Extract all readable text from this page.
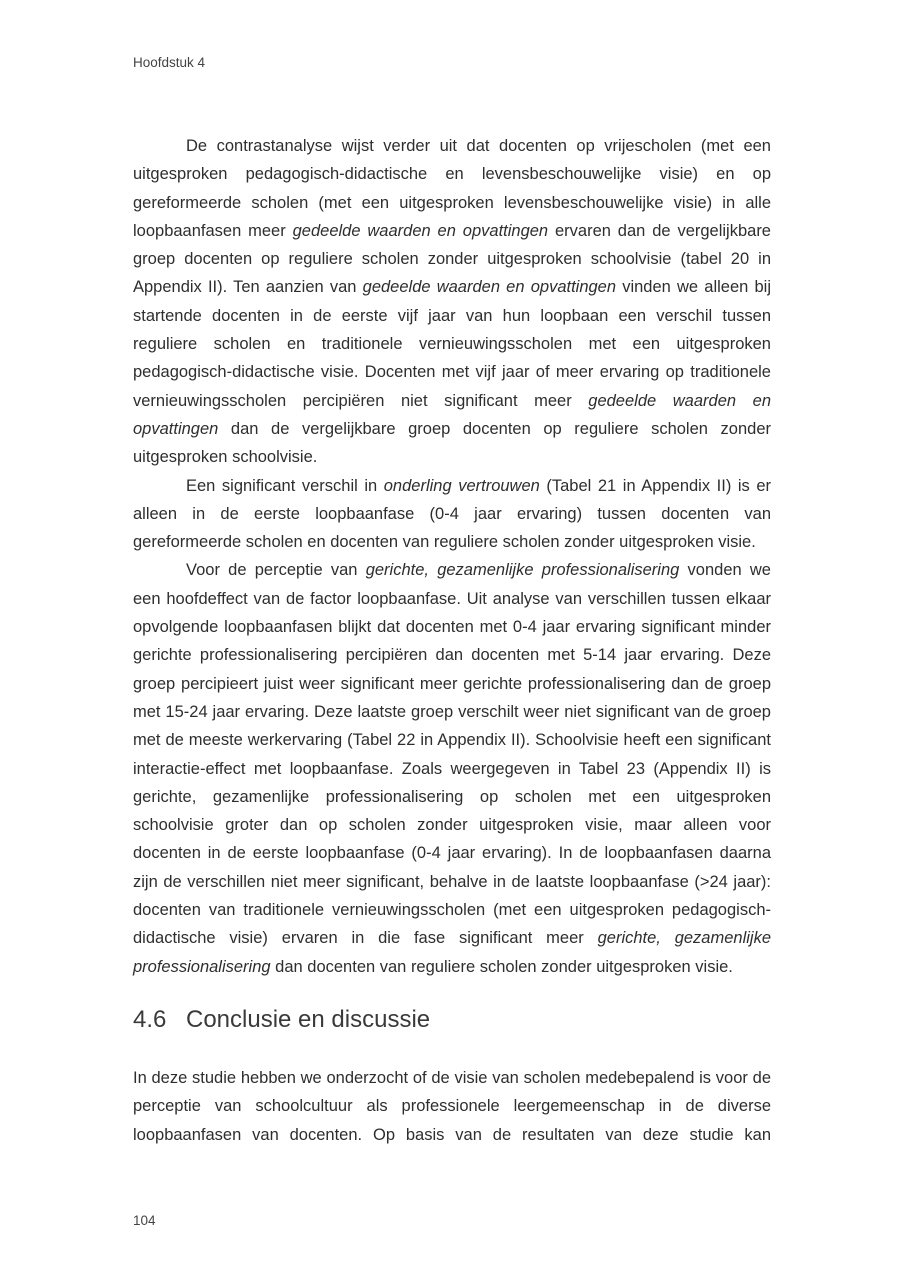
Hoofdstuk 4

De contrastanalyse wijst verder uit dat docenten op vrijescholen (met een uitgesproken pedagogisch-didactische en levensbeschouwelijke visie) en op gereformeerde scholen (met een uitgesproken levensbeschouwelijke visie) in alle loopbaanfasen meer gedeelde waarden en opvattingen ervaren dan de vergelijkbare groep docenten op reguliere scholen zonder uitgesproken schoolvisie (tabel 20 in Appendix II). Ten aanzien van gedeelde waarden en opvattingen vinden we alleen bij startende docenten in de eerste vijf jaar van hun loopbaan een verschil tussen reguliere scholen en traditionele vernieuwingsscholen met een uitgesproken pedagogisch-didactische visie. Docenten met vijf jaar of meer ervaring op traditionele vernieuwingsscholen percipiëren niet significant meer gedeelde waarden en opvattingen dan de vergelijkbare groep docenten op reguliere scholen zonder uitgesproken schoolvisie.

Een significant verschil in onderling vertrouwen (Tabel 21 in Appendix II) is er alleen in de eerste loopbaanfase (0-4 jaar ervaring) tussen docenten van gereformeerde scholen en docenten van reguliere scholen zonder uitgesproken visie.

Voor de perceptie van gerichte, gezamenlijke professionalisering vonden we een hoofdeffect van de factor loopbaanfase. Uit analyse van verschillen tussen elkaar opvolgende loopbaanfasen blijkt dat docenten met 0-4 jaar ervaring significant minder gerichte professionalisering percipiëren dan docenten met 5-14 jaar ervaring. Deze groep percipieert juist weer significant meer gerichte professionalisering dan de groep met 15-24 jaar ervaring. Deze laatste groep verschilt weer niet significant van de groep met de meeste werkervaring (Tabel 22 in Appendix II). Schoolvisie heeft een significant interactie-effect met loopbaanfase. Zoals weergegeven in Tabel 23 (Appendix II) is gerichte, gezamenlijke professionalisering op scholen met een uitgesproken schoolvisie groter dan op scholen zonder uitgesproken visie, maar alleen voor docenten in de eerste loopbaanfase (0-4 jaar ervaring). In de loopbaanfasen daarna zijn de verschillen niet meer significant, behalve in de laatste loopbaanfase (>24 jaar): docenten van traditionele vernieuwingsscholen (met een uitgesproken pedagogisch-didactische visie) ervaren in die fase significant meer gerichte, gezamenlijke professionalisering dan docenten van reguliere scholen zonder uitgesproken visie.

4.6 Conclusie en discussie

In deze studie hebben we onderzocht of de visie van scholen medebepalend is voor de perceptie van schoolcultuur als professionele leergemeenschap in de diverse loopbaanfasen van docenten. Op basis van de resultaten van deze studie kan

104
